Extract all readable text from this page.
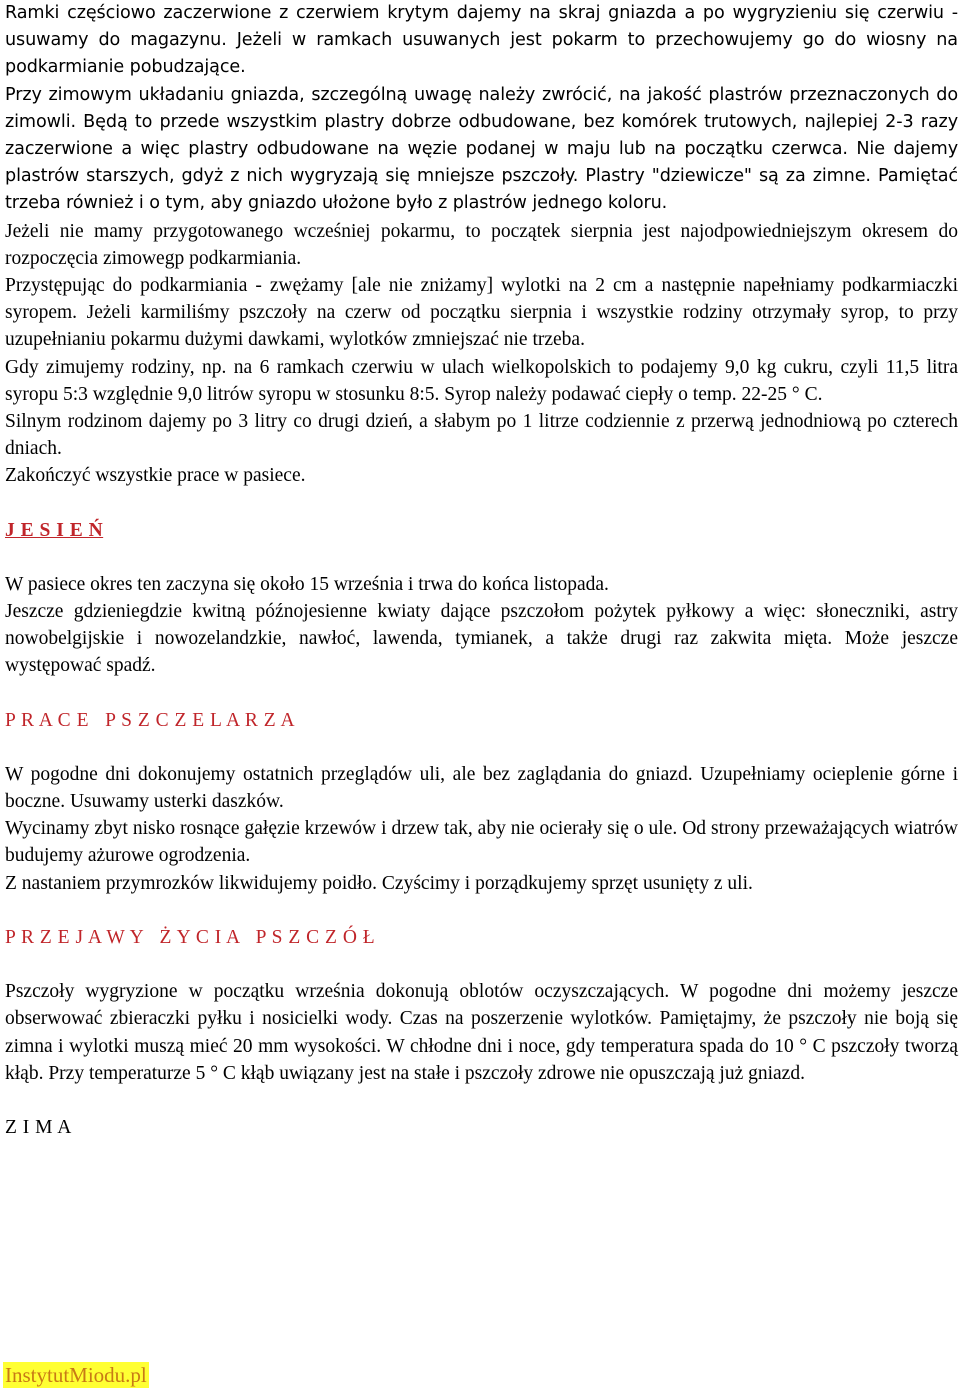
Ramki częściowo zaczerwione z czerwiem krytym dajemy na skraj gniazda a po wygryzieniu się czerwiu - usuwamy do magazynu. Jeżeli w ramkach usuwanych jest pokarm to przechowujemy go do wiosny na podkarmianie pobudzające.

Przy zimowym układaniu gniazda, szczególną uwagę należy zwrócić, na jakość plastrów przeznaczonych do zimowli. Będą to przede wszystkim plastry dobrze odbudowane, bez komórek trutowych, najlepiej 2-3 razy zaczerwione a więc plastry odbudowane na węzie podanej w maju lub na początku czerwca. Nie dajemy plastrów starszych, gdyż z nich wygryzają się mniejsze pszczoły. Plastry "dziewicze" są za zimne. Pamiętać trzeba również i o tym, aby gniazdo ułożone było z plastrów jednego koloru.

Jeżeli nie mamy przygotowanego wcześniej pokarmu, to początek sierpnia jest najodpowiedniejszym okresem do rozpoczęcia zimowegp podkarmiania.

Przystępując do podkarmiania - zwężamy [ale nie zniżamy] wylotki na 2 cm a następnie napełniamy podkarmiaczki syropem. Jeżeli karmiliśmy pszczoły na czerw od początku sierpnia i wszystkie rodziny otrzymały syrop, to przy uzupełnianiu pokarmu dużymi dawkami, wylotków zmniejszać nie trzeba.

Gdy zimujemy rodziny, np. na 6 ramkach czerwiu w ulach wielkopolskich to podajemy 9,0 kg cukru, czyli 11,5 litra syropu 5:3 względnie 9,0 litrów syropu w stosunku 8:5. Syrop należy podawać ciepły o temp. 22-25 ° C.

Silnym rodzinom dajemy po 3 litry co drugi dzień, a słabym po 1 litrze codziennie z przerwą jednodniową po czterech dniach.

Zakończyć wszystkie prace w pasiece.

J E S I E Ń

W pasiece okres ten zaczyna się około 15 września i trwa do końca listopada.

Jeszcze gdzieniegdzie kwitną późnojesienne kwiaty dające pszczołom pożytek pyłkowy a więc: słoneczniki, astry nowobelgijskie i nowozelandzkie, nawłoć, lawenda, tymianek, a także drugi raz zakwita mięta. Może jeszcze występować spadź.

P R A C E   P S Z C Z E L A R Z A

W pogodne dni dokonujemy ostatnich przeglądów uli, ale bez zaglądania do gniazd. Uzupełniamy ocieplenie górne i boczne. Usuwamy usterki daszków.

Wycinamy zbyt nisko rosnące gałęzie krzewów i drzew tak, aby nie ocierały się o ule. Od strony przeważających wiatrów budujemy ażurowe ogrodzenia.

Z nastaniem przymrozków likwidujemy poidło. Czyścimy i porządkujemy sprzęt usunięty z uli.

P R Z E J A W Y   Ż Y C I A   P S Z C Z Ó Ł

Pszczoły wygryzione w początku września dokonują oblotów oczyszczających. W pogodne dni możemy jeszcze obserwować zbieraczki pyłku i nosicielki wody. Czas na poszerzenie wylotków. Pamiętajmy, że pszczoły nie boją się zimna i wylotki muszą mieć 20 mm wysokości. W chłodne dni i noce, gdy temperatura spada do 10 ° C pszczoły tworzą kłąb. Przy temperaturze 5 ° C kłąb uwiązany jest na stałe i pszczoły zdrowe nie opuszczają już gniazd.

Z I M A
InstytutMiodu.pl
